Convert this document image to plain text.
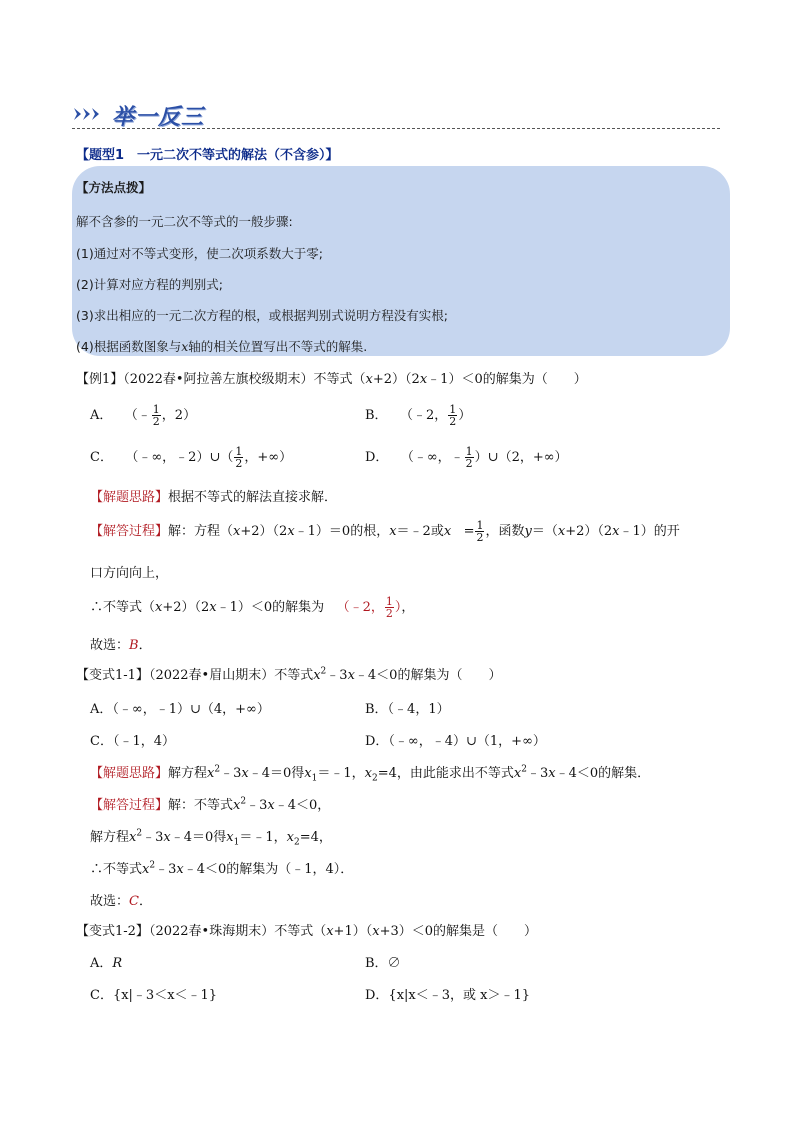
举一反三
【题型1　一元二次不等式的解法（不含参）】
【方法点拨】
解不含参的一元二次不等式的一般步骤:
(1)通过对不等式变形，使二次项系数大于零;
(2)计算对应方程的判别式;
(3)求出相应的一元二次方程的根，或根据判别式说明方程没有实根;
(4)根据函数图象与x轴的相关位置写出不等式的解集.
【例1】（2022春•阿拉善左旗校级期末）不等式（x+2）（2x﹣1）＜0的解集为（　　）
A．   （﹣ $\frac{1}{2}$ ，2）	B．   （﹣2， $\frac{1}{2}$ ）
C．   （﹣∞，﹣2）∪（ $\frac{1}{2}$ ，+∞）	D．   （﹣∞，﹣ $\frac{1}{2}$ ）∪（2，+∞）
【解题思路】根据不等式的解法直接求解．
【解答过程】解：方程（x+2）（2x﹣1）＝0的根，x＝﹣2或$x = \frac{1}{2}$ ，函数y＝（x+2）（2x﹣1）的开
口方向向上，
∴不等式（x+2）（2x﹣1）＜0的解集为 （﹣2， $\frac{1}{2}$ ），
故选：B．
【变式1-1】（2022春•眉山期末）不等式$x^2﹣3x﹣4<0$的解集为（　　）
A．（﹣∞，﹣1）∪（4，+∞）	B．（﹣4，1）
C．（﹣1，4）	D．（﹣∞，﹣4）∪（1，+∞）
【解题思路】解方程$x^2﹣3x﹣4=0$得$x_1=﹣1$，$x_2=4$，由此能求出不等式$x^2﹣3x﹣4<0$的解集．
【解答过程】解：不等式$x^2﹣3x﹣4<0$，
解方程$x^2﹣3x﹣4=0$得$x_1=﹣1$，$x_2=4$，
∴不等式$x^2﹣3x﹣4<0$的解集为（﹣1，4）．
故选：C．
【变式1-2】（2022春•珠海期末）不等式（x+1）（x+3）＜0的解集是（　　）
A．R	B．∅
C．{x|﹣3＜x＜﹣1}	D．{x|x＜﹣3，或 x＞﹣1}
